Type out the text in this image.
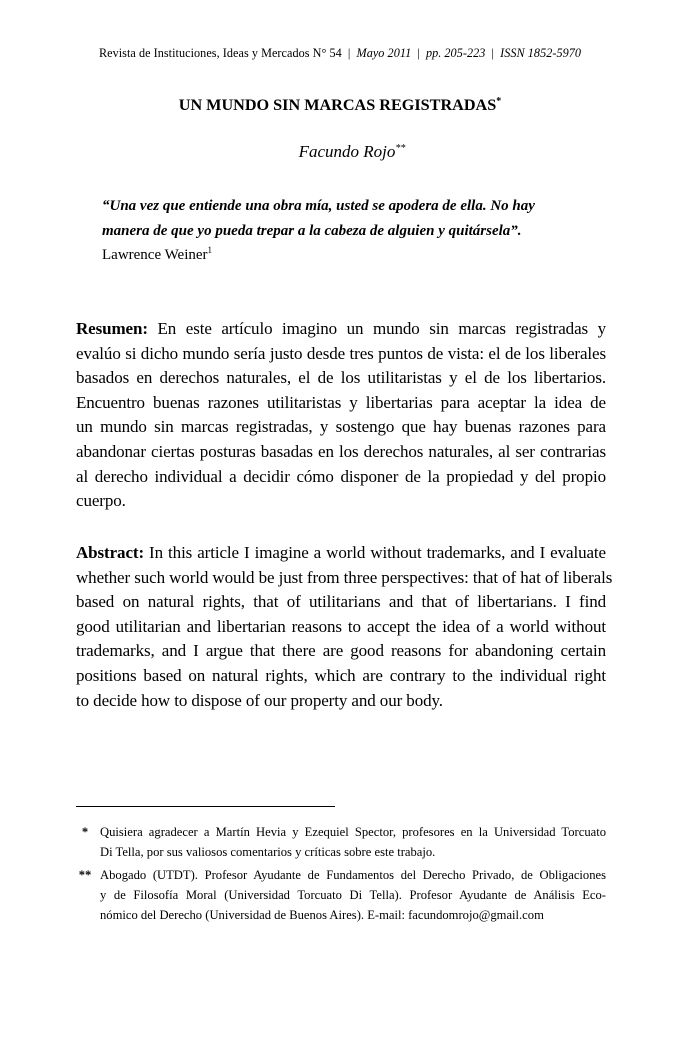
Revista de Instituciones, Ideas y Mercados N° 54 | Mayo 2011 | pp. 205-223 | ISSN 1852-5970
UN MUNDO SIN MARCAS REGISTRADAS*
Facundo Rojo**
“Una vez que entiende una obra mía, usted se apodera de ella. No hay
manera de que yo pueda trepar a la cabeza de alguien y quitársela”.
Lawrence Weiner$^1$
Resumen: En este artículo imagino un mundo sin marcas registradas y
evalúo si dicho mundo sería justo desde tres puntos de vista: el de los liberales
basados en derechos naturales, el de los utilitaristas y el de los libertarios.
Encuentro buenas razones utilitaristas y libertarias para aceptar la idea de
un mundo sin marcas registradas, y sostengo que hay buenas razones para
abandonar ciertas posturas basadas en los derechos naturales, al ser contrarias
al derecho individual a decidir cómo disponer de la propiedad y del propio
cuerpo.
Abstract: In this article I imagine a world without trademarks, and I evaluate
whether such world would be just from three perspectives: that of hat of liberals
based on natural rights, that of utilitarians and that of libertarians. I find
good utilitarian and libertarian reasons to accept the idea of a world without
trademarks, and I argue that there are good reasons for abandoning certain
positions based on natural rights, which are contrary to the individual right
to decide how to dispose of our property and our body.
* Quisiera agradecer a Martín Hevia y Ezequiel Spector, profesores en la Universidad Torcuato
Di Tella, por sus valiosos comentarios y críticas sobre este trabajo.
** Abogado (UTDT). Profesor Ayudante de Fundamentos del Derecho Privado, de Obligaciones
y de Filosofía Moral (Universidad Torcuato Di Tella). Profesor Ayudante de Análisis Eco-
nómico del Derecho (Universidad de Buenos Aires). E-mail: facundomrojo@gmail.com
